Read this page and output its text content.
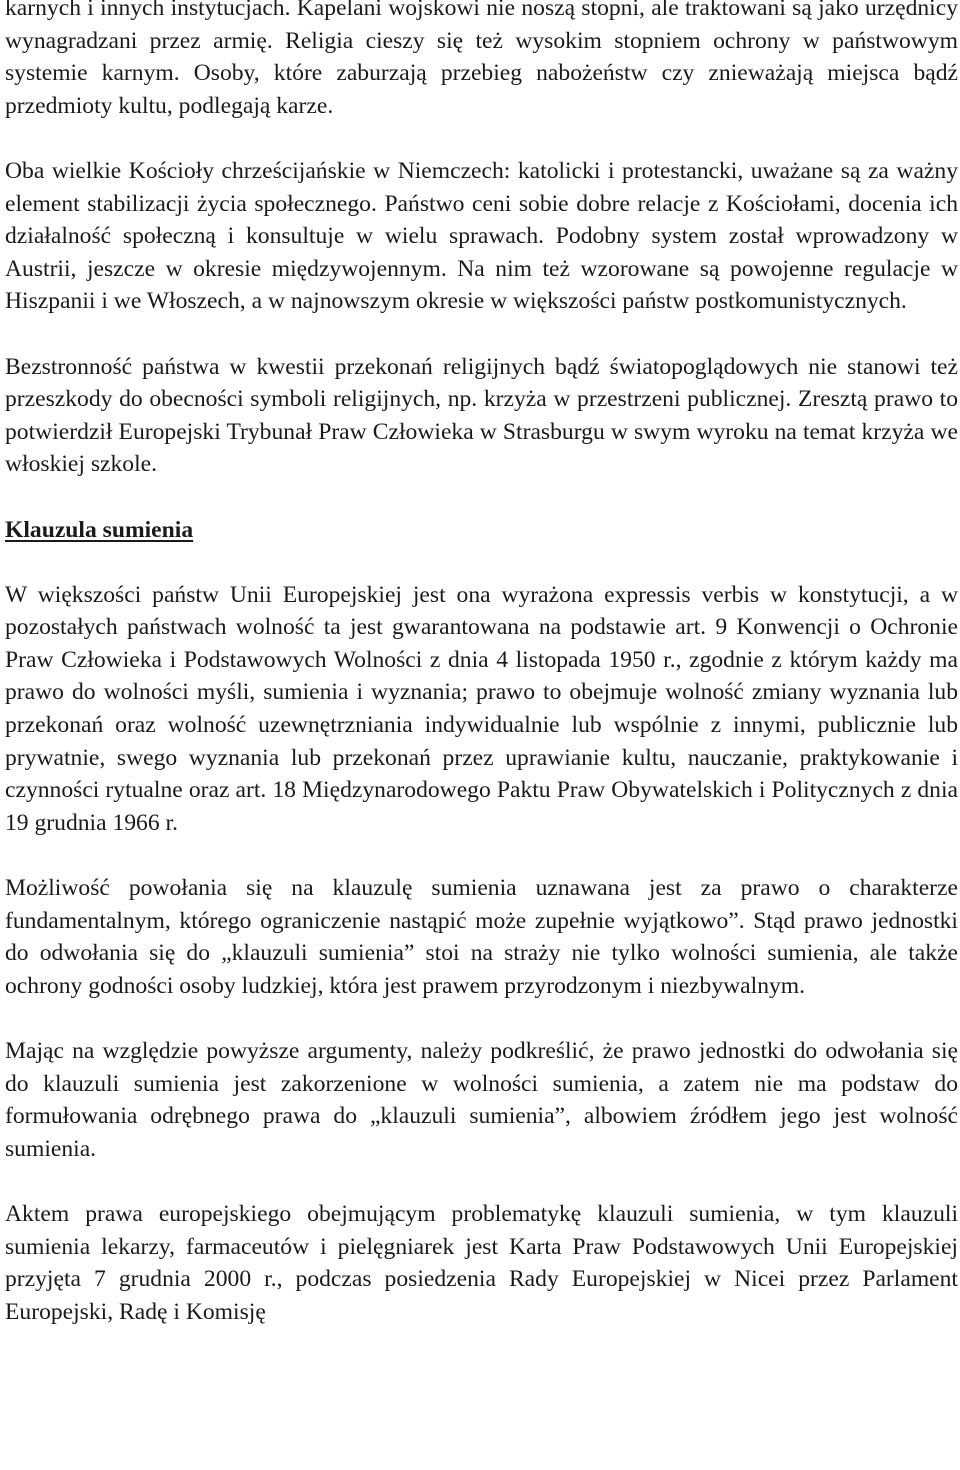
karnych i innych instytucjach. Kapelani wojskowi nie noszą stopni, ale traktowani są jako urzędnicy wynagradzani przez armię. Religia cieszy się też wysokim stopniem ochrony w państwowym systemie karnym. Osoby, które zaburzają przebieg nabożeństw czy znieważają miejsca bądź przedmioty kultu, podlegają karze.

Oba wielkie Kościoły chrześcijańskie w Niemczech: katolicki i protestancki, uważane są za ważny element stabilizacji życia społecznego. Państwo ceni sobie dobre relacje z Kościołami, docenia ich działalność społeczną i konsultuje w wielu sprawach. Podobny system został wprowadzony w Austrii, jeszcze w okresie międzywojennym. Na nim też wzorowane są powojenne regulacje w Hiszpanii i we Włoszech, a w najnowszym okresie w większości państw postkomunistycznych.

Bezstronność państwa w kwestii przekonań religijnych bądź światopoglądowych nie stanowi też przeszkody do obecności symboli religijnych, np. krzyża w przestrzeni publicznej. Zresztą prawo to potwierdził Europejski Trybunał Praw Człowieka w Strasburgu w swym wyroku na temat krzyża we włoskiej szkole.

Klauzula sumienia

W większości państw Unii Europejskiej jest ona wyrażona expressis verbis w konstytucji, a w pozostałych państwach wolność ta jest gwarantowana na podstawie art. 9 Konwencji o Ochronie Praw Człowieka i Podstawowych Wolności z dnia 4 listopada 1950 r., zgodnie z którym każdy ma prawo do wolności myśli, sumienia i wyznania; prawo to obejmuje wolność zmiany wyznania lub przekonań oraz wolność uzewnętrzniania indywidualnie lub wspólnie z innymi, publicznie lub prywatnie, swego wyznania lub przekonań przez uprawianie kultu, nauczanie, praktykowanie i czynności rytualne oraz art. 18 Międzynarodowego Paktu Praw Obywatelskich i Politycznych z dnia 19 grudnia 1966 r.

Możliwość powołania się na klauzulę sumienia uznawana jest za prawo o charakterze fundamentalnym, którego ograniczenie nastąpić może zupełnie wyjątkowo”. Stąd prawo jednostki do odwołania się do „klauzuli sumienia” stoi na straży nie tylko wolności sumienia, ale także ochrony godności osoby ludzkiej, która jest prawem przyrodzonym i niezbywalnym.

Mając na względzie powyższe argumenty, należy podkreślić, że prawo jednostki do odwołania się do klauzuli sumienia jest zakorzenione w wolności sumienia, a zatem nie ma podstaw do formułowania odrębnego prawa do „klauzuli sumienia”, albowiem źródłem jego jest wolność sumienia.

Aktem prawa europejskiego obejmującym problematykę klauzuli sumienia, w tym klauzuli sumienia lekarzy, farmaceutów i pielęgniarek jest Karta Praw Podstawowych Unii Europejskiej przyjęta 7 grudnia 2000 r., podczas posiedzenia Rady Europejskiej w Nicei przez Parlament Europejski, Radę i Komisję
